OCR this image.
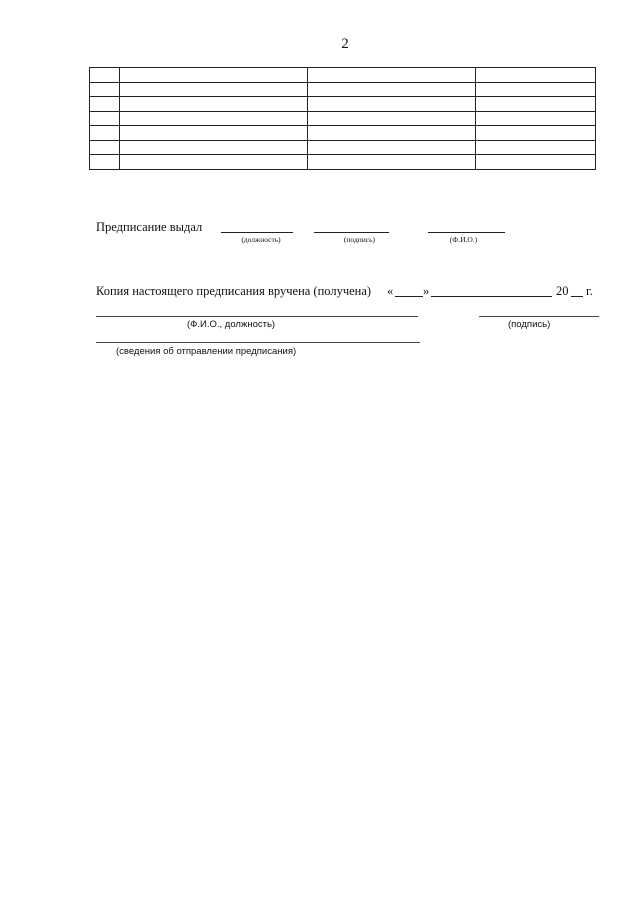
2

Предписание выдал
(должность)	(подпись)	(Ф.И.О.)
Копия настоящего предписания вручена (получена) « »	20 г.
(Ф.И.О., должность)	(подпись)
(сведения об отправлении предписания)
